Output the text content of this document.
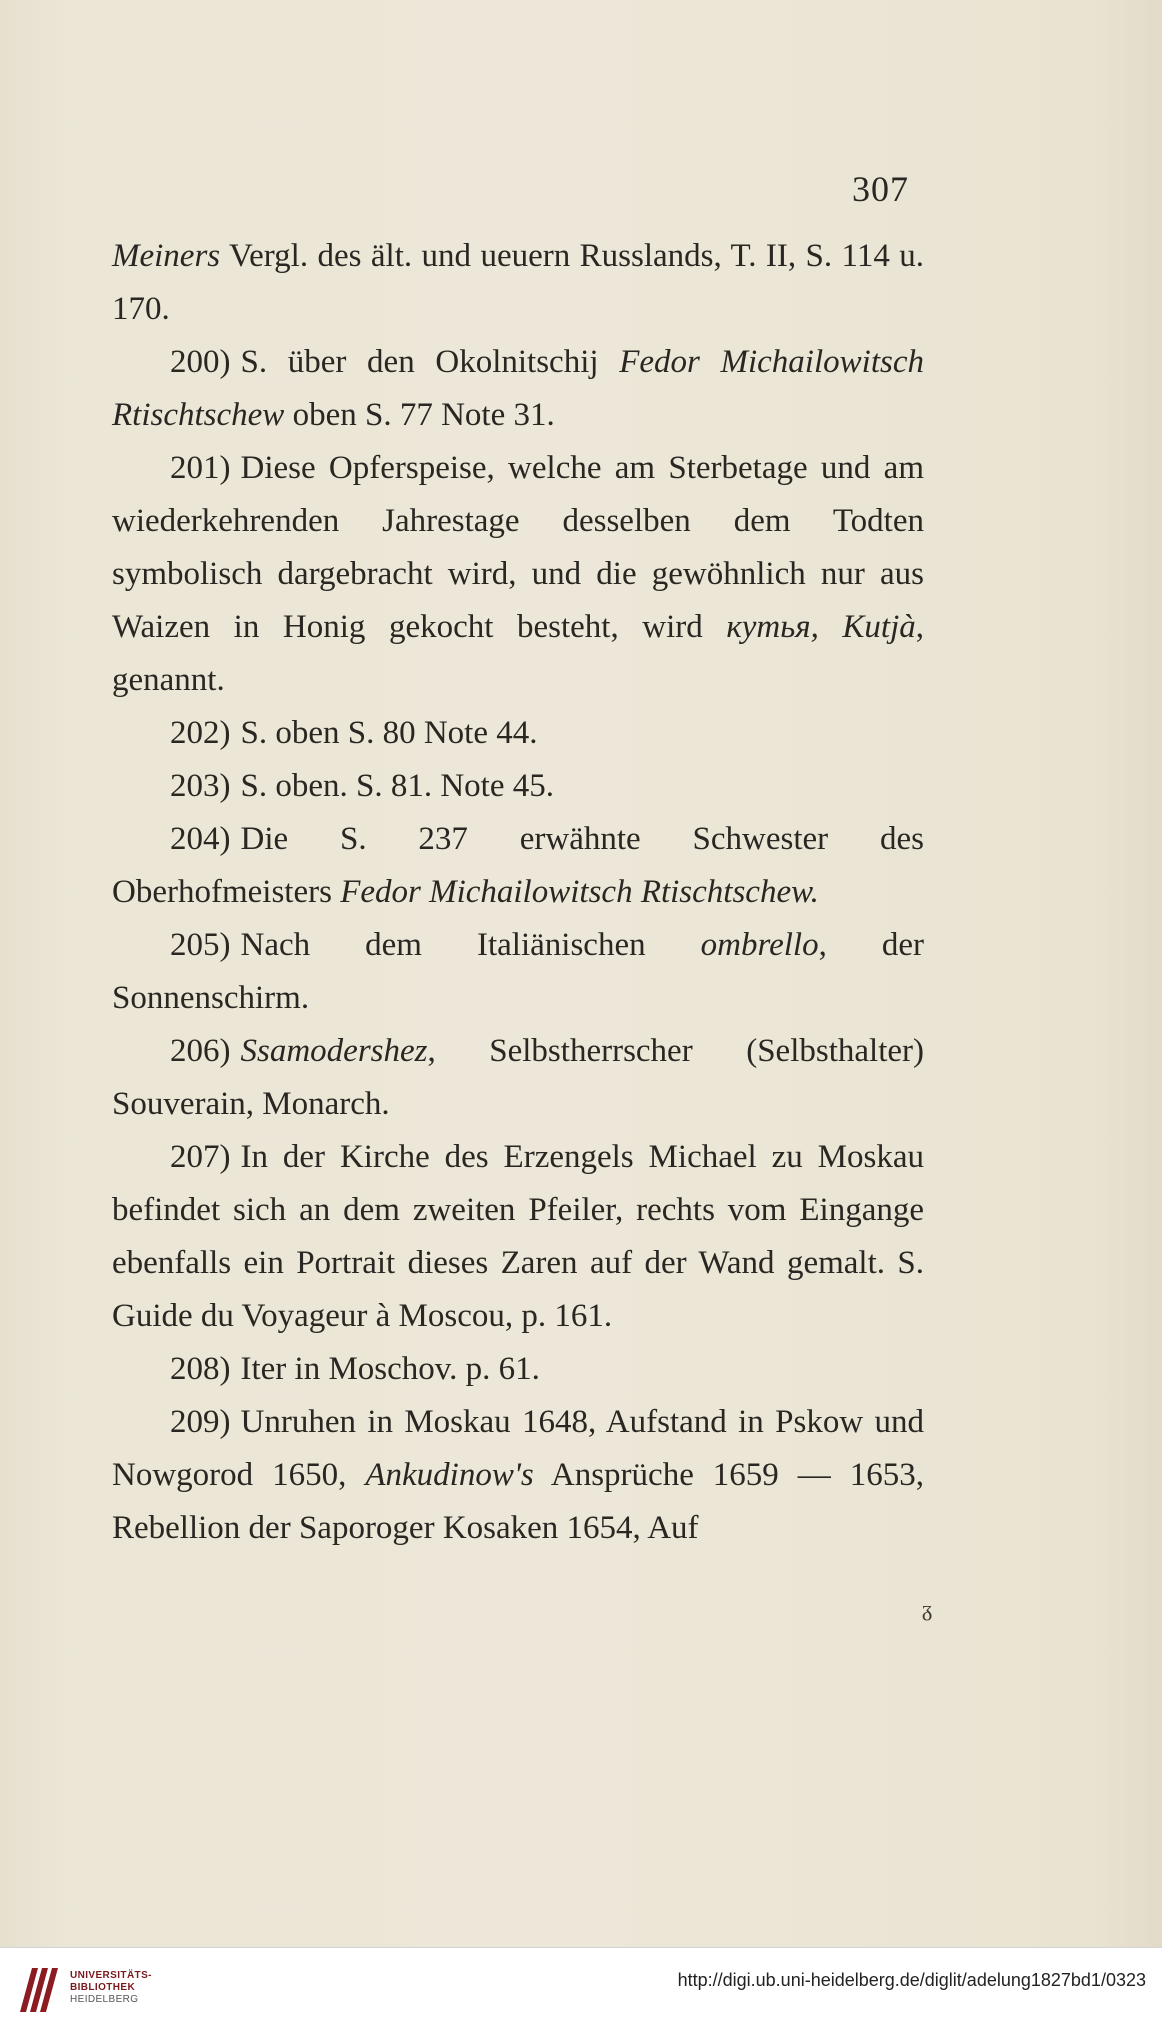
307

Meiners Vergl. des ält. und ueuern Russlands, T. II, S. 114 u. 170.

200) S. über den Okolnitschij Fedor Michailowitsch Rtischtschew oben S. 77 Note 31.

201) Diese Opferspeise, welche am Sterbetage und am wiederkehrenden Jahrestage desselben dem Todten symbolisch dargebracht wird, und die gewöhnlich nur aus Waizen in Honig gekocht besteht, wird кутья, Kutjà, genannt.

202) S. oben S. 80 Note 44.

203) S. oben. S. 81. Note 45.

204) Die S. 237 erwähnte Schwester des Oberhofmeisters Fedor Michailowitsch Rtischtschew.

205) Nach dem Italiänischen ombrello, der Sonnenschirm.

206) Ssamodershez, Selbstherrscher (Selbsthalter) Souverain, Monarch.

207) In der Kirche des Erzengels Michael zu Moskau befindet sich an dem zweiten Pfeiler, rechts vom Eingange ebenfalls ein Portrait dieses Zaren auf der Wand gemalt. S. Guide du Voyageur à Moscou, p. 161.

208) Iter in Moschov. p. 61.

209) Unruhen in Moskau 1648, Aufstand in Pskow und Nowgorod 1650, Ankudinow's Ansprüche 1659 — 1653, Rebellion der Saporoger Kosaken 1654, Auf

ᵹ
UNIVERSITÄTS-
BIBLIOTHEK
HEIDELBERG
http://digi.ub.uni-heidelberg.de/diglit/adelung1827bd1/0323
